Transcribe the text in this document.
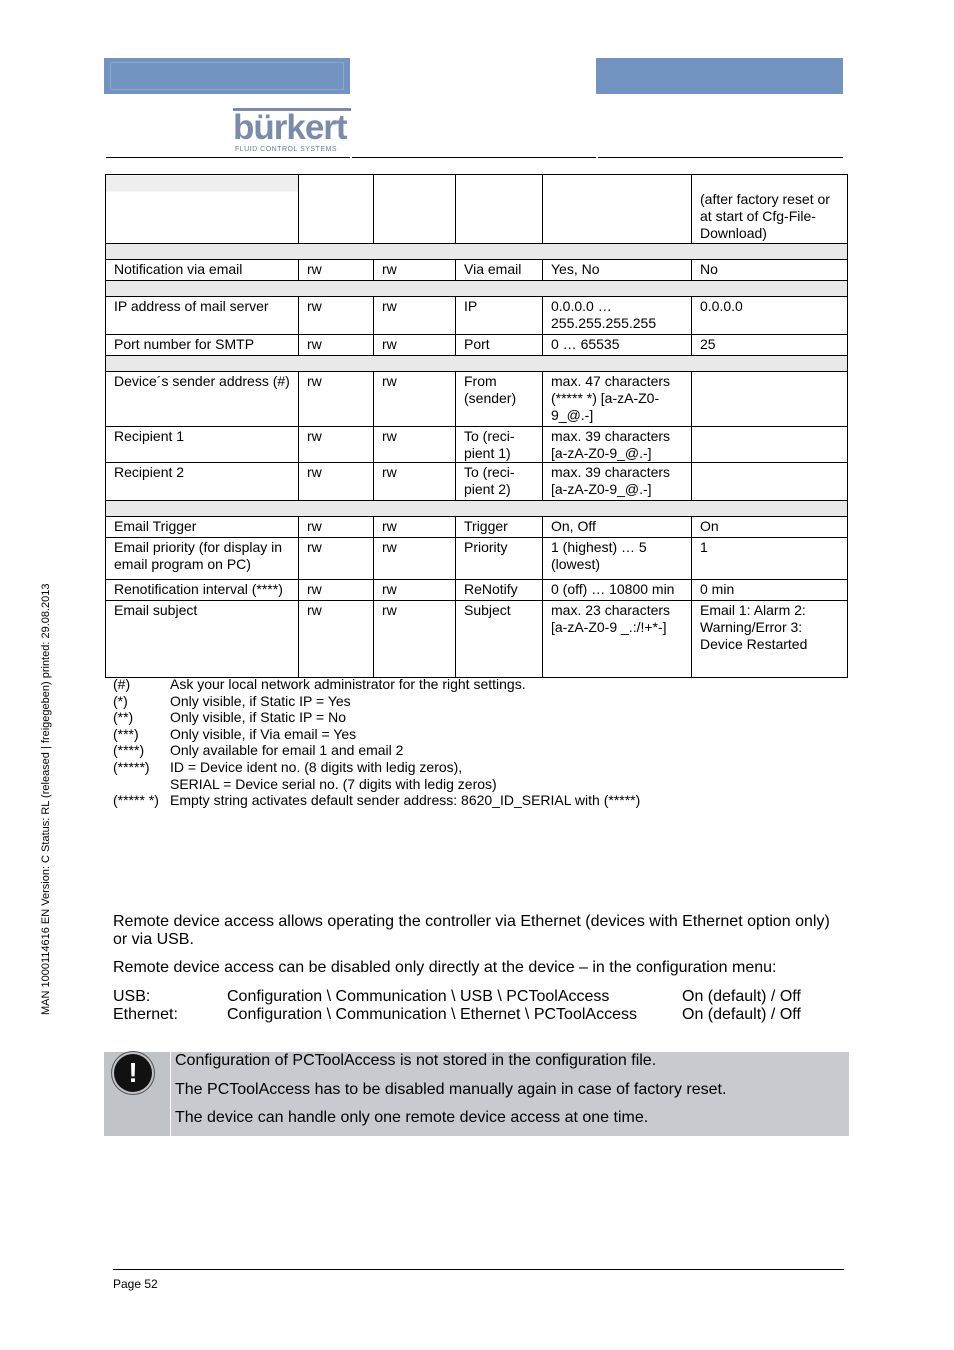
bürkert
FLUID CONTROL SYSTEMS
					(after factory reset or at start of Cfg-File-Download)

Notification via email	rw	rw	Via email	Yes, No	No

IP address of mail server	rw	rw	IP	0.0.0.0 … 255.255.255.255	0.0.0.0
Port number for SMTP	rw	rw	Port	0 … 65535	25

Device´s sender address (#)	rw	rw	From (sender)	max. 47 characters (***** *) [a-zA-Z0-9_@.-]	
Recipient 1	rw	rw	To (reci-pient 1)	max. 39 characters [a-zA-Z0-9_@.-]	
Recipient 2	rw	rw	To (reci-pient 2)	max. 39 characters [a-zA-Z0-9_@.-]	

Email Trigger	rw	rw	Trigger	On, Off	On
Email priority (for display in email program on PC)	rw	rw	Priority	1 (highest) … 5 (lowest)	1
Renotification interval (****)	rw	rw	ReNotify	0 (off) … 10800 min	0 min
Email subject	rw	rw	Subject	max. 23 characters [a-zA-Z0-9 _.:/!+*-]	Email 1: Alarm 2: Warning/Error 3: Device Restarted
(#)	Ask your local network administrator for the right settings.
(*)	Only visible, if Static IP = Yes
(**)	Only visible, if Static IP = No
(***) Only visible, if Via email = Yes
(****) Only available for email 1 and email 2
(*****) ID = Device ident no. (8 digits with ledig zeros),
SERIAL = Device serial no. (7 digits with ledig zeros)
(***** *) Empty string activates default sender address: 8620_ID_SERIAL with (*****)
Remote device access allows operating the controller via Ethernet (devices with Ethernet option only) or via USB.
Remote device access can be disabled only directly at the device – in the configuration menu:
USB:	Configuration \ Communication \ USB \ PCToolAccess	On (default) / Off
Ethernet:	Configuration \ Communication \ Ethernet \ PCToolAccess	On (default) / Off
!	Configuration of PCToolAccess is not stored in the configuration file.
The PCToolAccess has to be disabled manually again in case of factory reset.
The device can handle only one remote device access at one time.
MAN 1000114616 EN Version: C Status: RL (released | freigegeben) printed: 29.08.2013
Page 52
